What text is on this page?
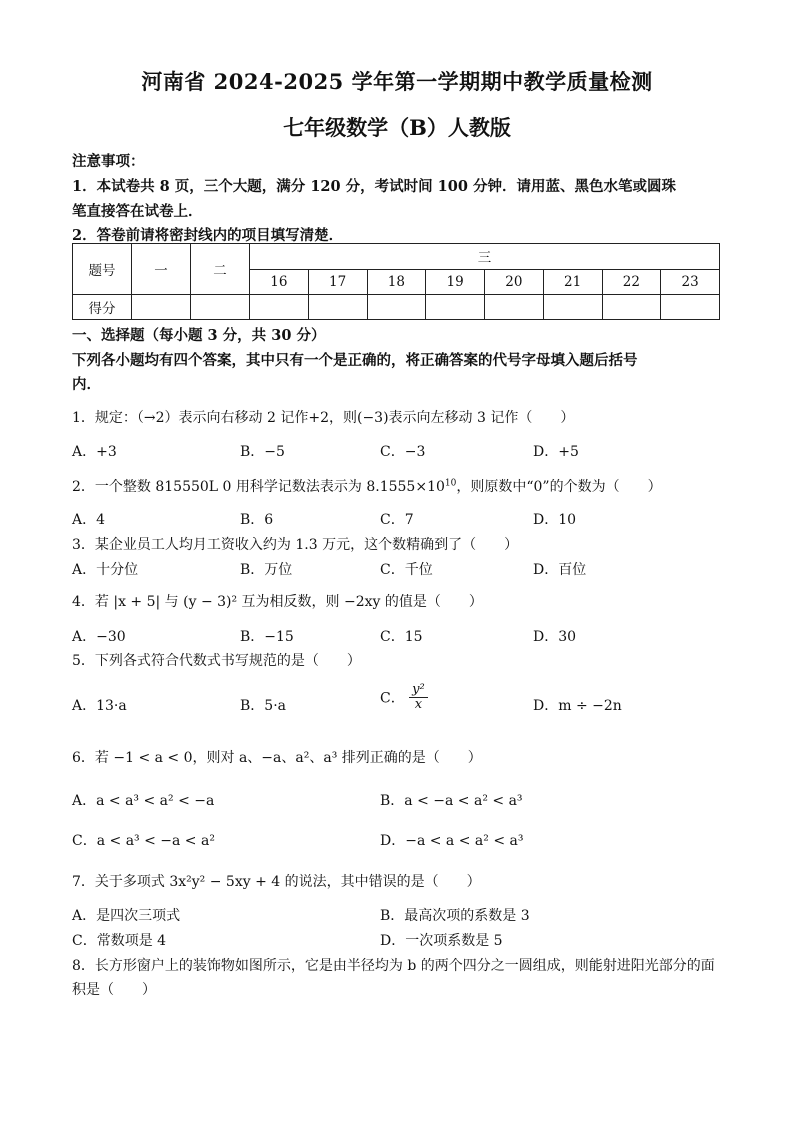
河南省 2024-2025 学年第一学期期中教学质量检测
七年级数学（B）人教版
注意事项：
1．本试卷共 8 页，三个大题，满分 120 分，考试时间 100 分钟．请用蓝、黑色水笔或圆珠
笔直接答在试卷上．
2．答卷前请将密封线内的项目填写清楚．
题号	一	二	三							
			16	17	18	19	20	21	22	23
得分										
一、选择题（每小题 3 分，共 30 分）
下列各小题均有四个答案，其中只有一个是正确的，将正确答案的代号字母填入题后括号
内．
1．规定：（→2）表示向右移动 2 记作+2，则(−3)表示向左移动 3 记作（　　）
A．+3	B．−5	C．−3	D．+5
2．一个整数 815550L 0 用科学记数法表示为 $8.1555\times 10^{10}$，则原数中“0”的个数为（　　）
A．4	B．6	C．7	D．10
3．某企业员工人均月工资收入约为 1.3 万元，这个数精确到了（　　）
A．十分位	B．万位	C．千位	D．百位
4．若 |x + 5| 与 (y − 3)² 互为相反数，则 −2xy 的值是（　　）
A．−30	B．−15	C．15	D．30
5．下列各式符合代数式书写规范的是（　　）
A．13·a	B．5·a	C． $\frac{\text{y²}}{x}$	D．m ÷ −2n
6．若 −1 < a < 0，则对 a、−a、a²、a³ 排列正确的是（　　）
A．a < a³ < a² < −a	B．a < −a < a² < a³
C．a < a³ < −a < a²	D．−a < a < a² < a³
7．关于多项式 3x²y² − 5xy + 4 的说法，其中错误的是（　　）
A．是四次三项式	B．最高次项的系数是 3
C．常数项是 4	D．一次项系数是 5
8．长方形窗户上的装饰物如图所示，它是由半径均为 b 的两个四分之一圆组成，则能射进阳光部分的面
积是（　　）
